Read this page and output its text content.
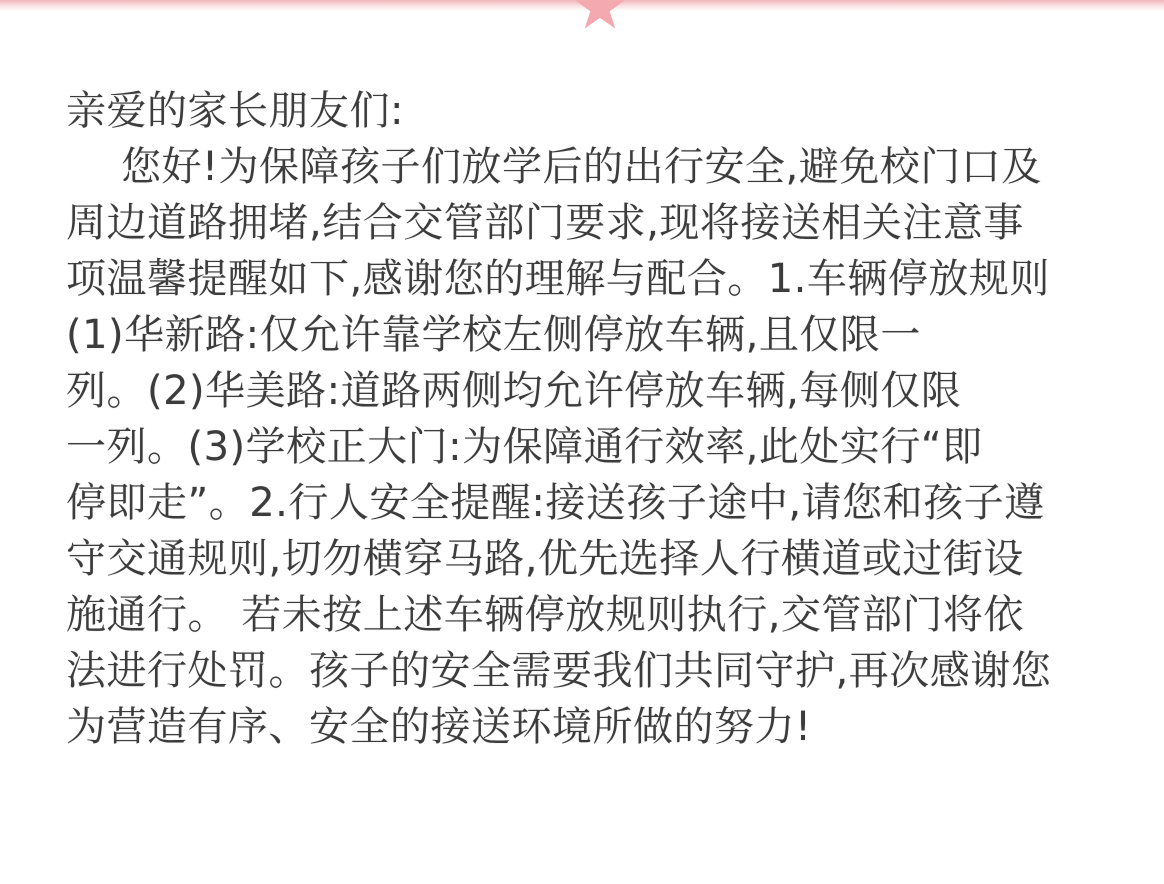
亲爱的家长朋友们:
您好!为保障孩子们放学后的出行安全,避免校门口及
周边道路拥堵,结合交管部门要求,现将接送相关注意事
项温馨提醒如下,感谢您的理解与配合。1.车辆停放规则
(1)华新路:仅允许靠学校左侧停放车辆,且仅限一
列。(2)华美路:道路两侧均允许停放车辆,每侧仅限
一列。(3)学校正大门:为保障通行效率,此处实行“即
停即走”。2.行人安全提醒:接送孩子途中,请您和孩子遵
守交通规则,切勿横穿马路,优先选择人行横道或过街设
施通行。 若未按上述车辆停放规则执行,交管部门将依
法进行处罚。孩子的安全需要我们共同守护,再次感谢您
为营造有序、安全的接送环境所做的努力!
